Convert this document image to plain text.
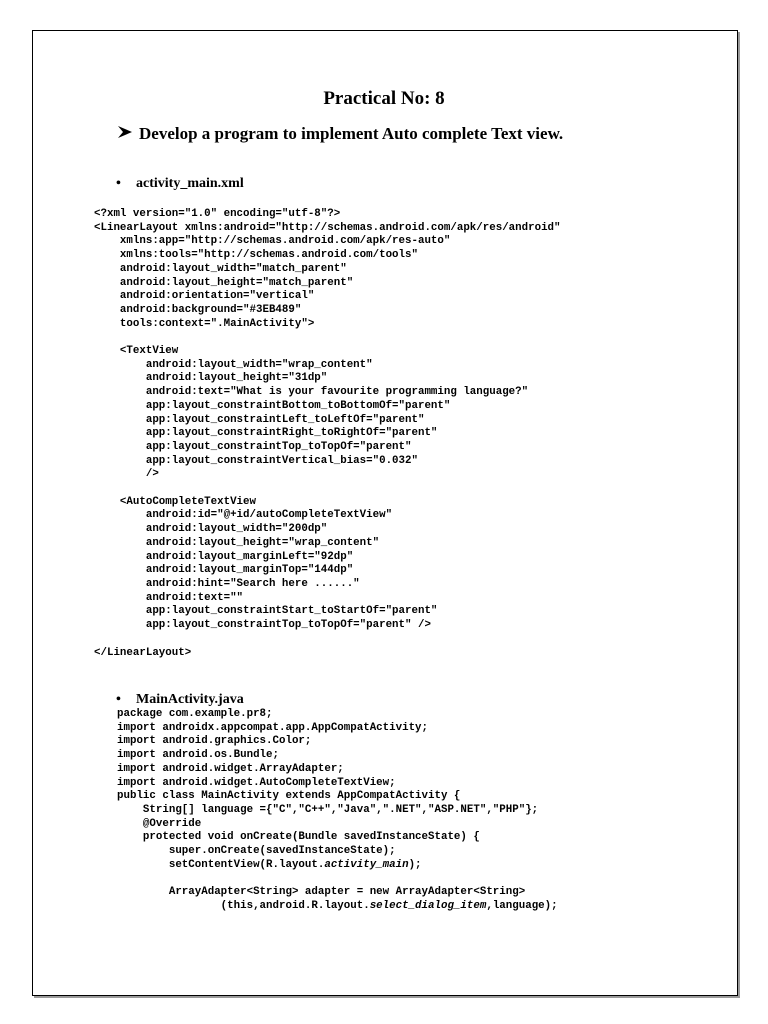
Practical No: 8
Develop a program to implement Auto complete Text view.
• activity_main.xml
<?xml version="1.0" encoding="utf-8"?>
<LinearLayout xmlns:android="http://schemas.android.com/apk/res/android"
xmlns:app="http://schemas.android.com/apk/res-auto"
xmlns:tools="http://schemas.android.com/tools"
android:layout_width="match_parent"
android:layout_height="match_parent"
android:orientation="vertical"
android:background="#3EB489"
tools:context=".MainActivity">

<TextView
android:layout_width="wrap_content"
android:layout_height="31dp"
android:text="What is your favourite programming language?"
app:layout_constraintBottom_toBottomOf="parent"
app:layout_constraintLeft_toLeftOf="parent"
app:layout_constraintRight_toRightOf="parent"
app:layout_constraintTop_toTopOf="parent"
app:layout_constraintVertical_bias="0.032"
/>

<AutoCompleteTextView
android:id="@+id/autoCompleteTextView"
android:layout_width="200dp"
android:layout_height="wrap_content"
android:layout_marginLeft="92dp"
android:layout_marginTop="144dp"
android:hint="Search here ......"
android:text=""
app:layout_constraintStart_toStartOf="parent"
app:layout_constraintTop_toTopOf="parent" />

</LinearLayout>
• MainActivity.java
package com.example.pr8;
import androidx.appcompat.app.AppCompatActivity;
import android.graphics.Color;
import android.os.Bundle;
import android.widget.ArrayAdapter;
import android.widget.AutoCompleteTextView;
public class MainActivity extends AppCompatActivity {
String[] language ={"C","C++","Java",".NET","ASP.NET","PHP"};
@Override
protected void onCreate(Bundle savedInstanceState) {
super.onCreate(savedInstanceState);
setContentView(R.layout.activity_main);

ArrayAdapter<String> adapter = new ArrayAdapter<String>
(this,android.R.layout.select_dialog_item,language);
